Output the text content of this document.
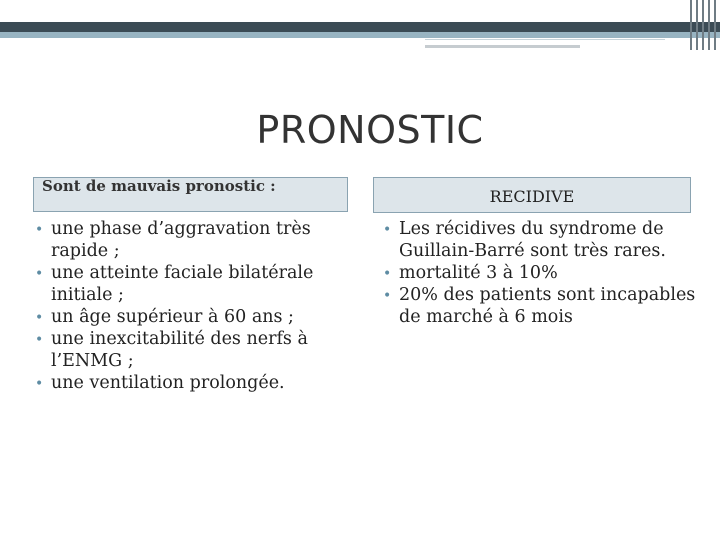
PRONOSTIC
Sont de mauvais pronostic :
RECIDIVE
• une phase d’aggravation très rapide ;
• une atteinte faciale bilatérale initiale ;
• un âge supérieur à 60 ans ;
• une inexcitabilité des nerfs à l’ENMG ;
• une ventilation prolongée.
• Les récidives du syndrome de Guillain-Barré sont très rares.
• mortalité 3 à 10%
• 20% des patients sont incapables de marché à 6 mois
